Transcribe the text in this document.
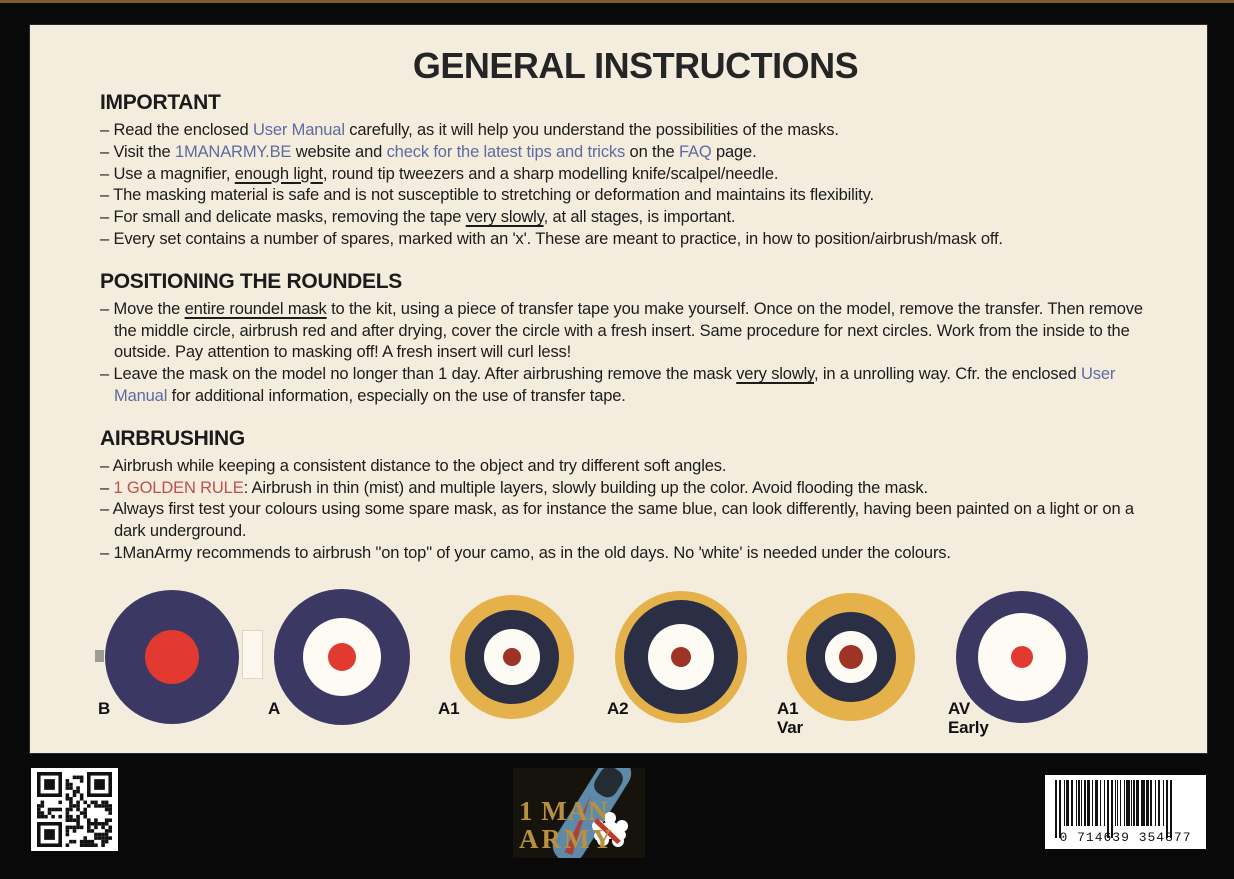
GENERAL INSTRUCTIONS
IMPORTANT
– Read the enclosed User Manual carefully, as it will help you understand the possibilities of the masks.
– Visit the 1MANARMY.BE website and check for the latest tips and tricks on the FAQ page.
– Use a magnifier, enough light, round tip tweezers and a sharp modelling knife/scalpel/needle.
– The masking material is safe and is not susceptible to stretching or deformation and maintains its flexibility.
– For small and delicate masks, removing the tape very slowly, at all stages, is important.
– Every set contains a number of spares, marked with an 'x'. These are meant to practice, in how to position/airbrush/mask off.
POSITIONING THE ROUNDELS
– Move the entire roundel mask to the kit, using a piece of transfer tape you make yourself. Once on the model, remove the transfer. Then remove the middle circle, airbrush red and after drying, cover the circle with a fresh insert. Same procedure for next circles. Work from the inside to the outside. Pay attention to masking off! A fresh insert will curl less!
– Leave the mask on the model no longer than 1 day. After airbrushing remove the mask very slowly, in a unrolling way. Cfr. the enclosed User Manual for additional information, especially on the use of transfer tape.
AIRBRUSHING
– Airbrush while keeping a consistent distance to the object and try different soft angles.
– 1 GOLDEN RULE: Airbrush in thin (mist) and multiple layers, slowly building up the color. Avoid flooding the mask.
– Always first test your colours using some spare mask, as for instance the same blue, can look differently, having been painted on a light or on a dark underground.
– 1ManArmy recommends to airbrush "on top" of your camo, as in the old days. No 'white' is needed under the colours.
B	A	A1	A2	A1
Var
AV
Early
1 MAN
ARMY	0 714639 354877
